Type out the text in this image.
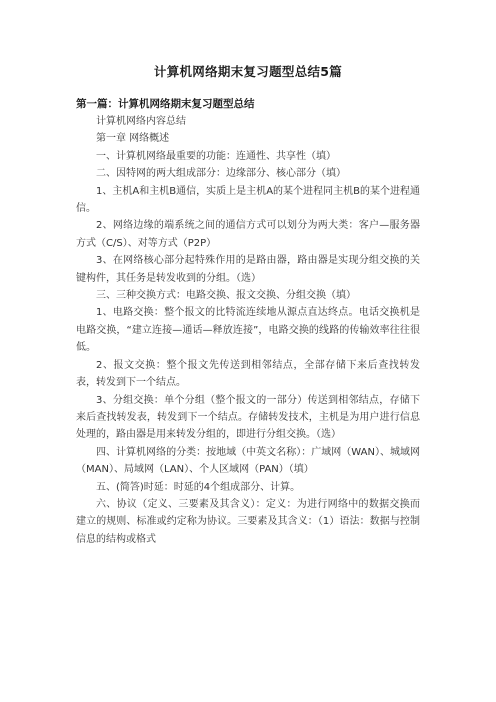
计算机网络期末复习题型总结5篇
第一篇：计算机网络期末复习题型总结

计算机网络内容总结

第一章 网络概述

一、计算机网络最重要的功能：连通性、共享性（填）

二、因特网的两大组成部分：边缘部分、核心部分（填）

1、主机A和主机B通信，实质上是主机A的某个进程同主机B的某个进程通信。

2、网络边缘的端系统之间的通信方式可以划分为两大类：客户—服务器方式（C/S）、对等方式（P2P）

3、在网络核心部分起特殊作用的是路由器，路由器是实现分组交换的关键构件，其任务是转发收到的分组。（选）

三、三种交换方式：电路交换、报文交换、分组交换（填）

1、电路交换：整个报文的比特流连续地从源点直达终点。电话交换机是电路交换，“建立连接—通话—释放连接”，电路交换的线路的传输效率往往很低。

2、报文交换：整个报文先传送到相邻结点，全部存储下来后查找转发表，转发到下一个结点。

3、分组交换：单个分组（整个报文的一部分）传送到相邻结点，存储下来后查找转发表，转发到下一个结点。存储转发技术，主机是为用户进行信息处理的，路由器是用来转发分组的，即进行分组交换。（选）

四、计算机网络的分类：按地域（中英文名称）：广域网（WAN）、城域网（MAN）、局域网（LAN）、个人区域网（PAN）（填）

五、(简答)时延：时延的4个组成部分、计算。

六、协议（定义、三要素及其含义）：定义：为进行网络中的数据交换而建立的规则、标准或约定称为协议。三要素及其含义：（1）语法：数据与控制信息的结构或格式
